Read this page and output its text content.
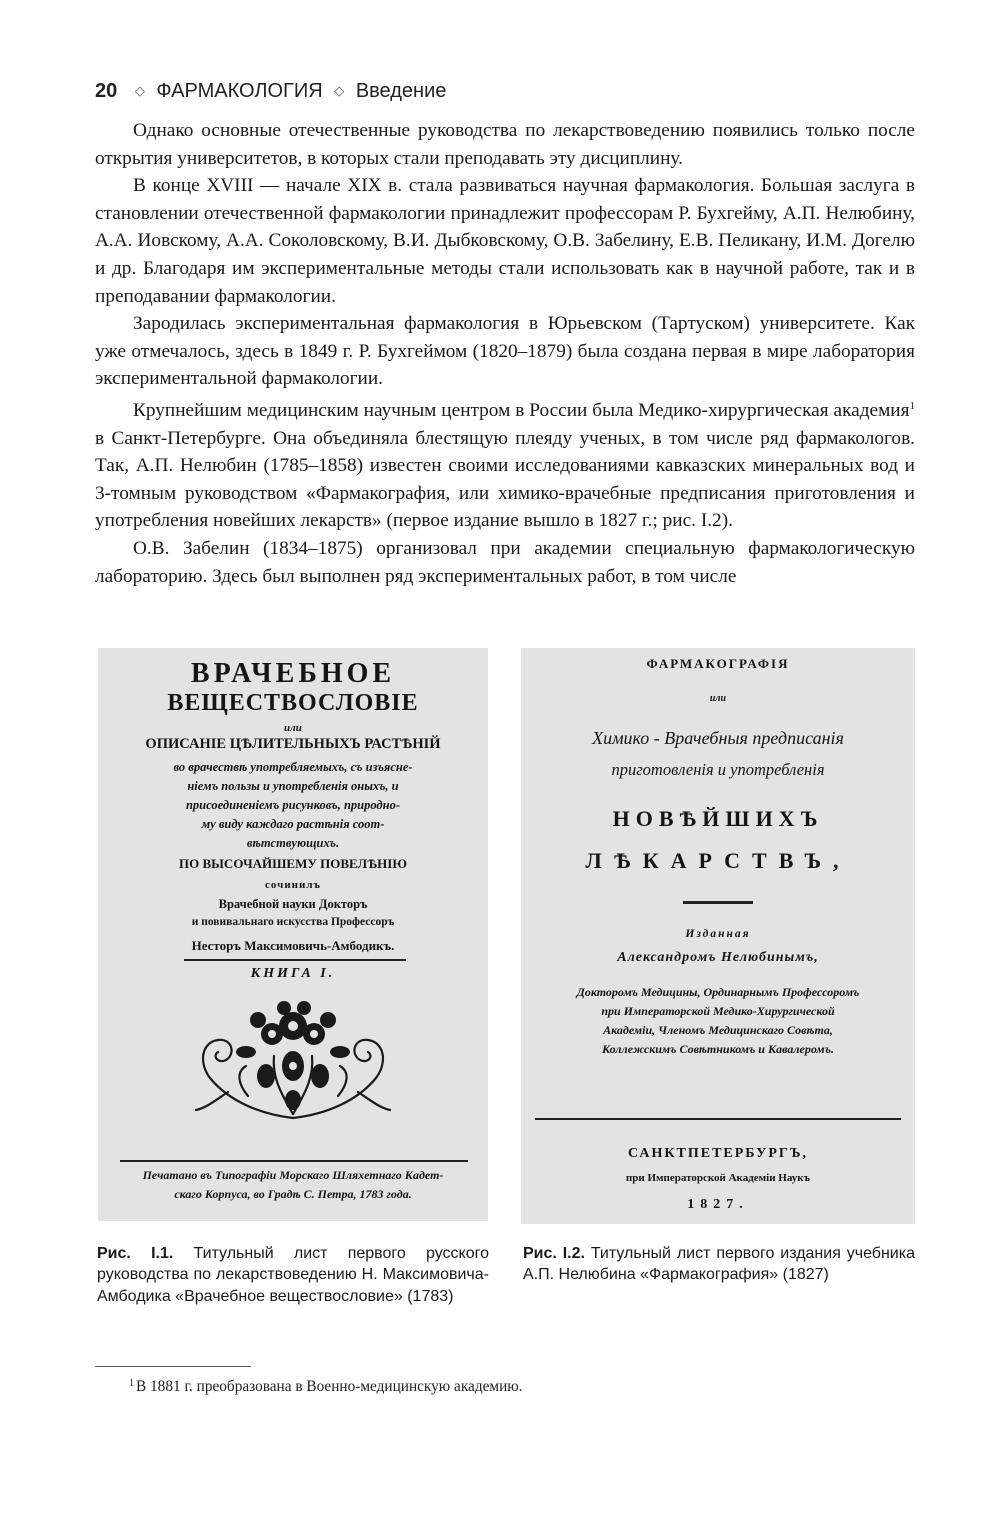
20 ◇ ФАРМАКОЛОГИЯ ◇ Введение

Однако основные отечественные руководства по лекарствоведению появились только после открытия университетов, в которых стали преподавать эту дисциплину.

В конце XVIII — начале XIX в. стала развиваться научная фармакология. Большая заслуга в становлении отечественной фармакологии принадлежит профессорам Р. Бухгейму, А.П. Нелюбину, А.А. Иовскому, А.А. Соколовскому, В.И. Дыбковскому, О.В. Забелину, Е.В. Пеликану, И.М. Догелю и др. Благодаря им экспериментальные методы стали использовать как в научной работе, так и в преподавании фармакологии.

Зародилась экспериментальная фармакология в Юрьевском (Тартуском) университете. Как уже отмечалось, здесь в 1849 г. Р. Бухгеймом (1820–1879) была создана первая в мире лаборатория экспериментальной фармакологии.

Крупнейшим медицинским научным центром в России была Медико-хирургическая академия$^1$ в Санкт-Петербурге. Она объединяла блестящую плеяду ученых, в том числе ряд фармакологов. Так, А.П. Нелюбин (1785–1858) известен своими исследованиями кавказских минеральных вод и 3-томным руководством «Фармакография, или химико-врачебные предписания приготовления и употребления новейших лекарств» (первое издание вышло в 1827 г.; рис. I.2).

О.В. Забелин (1834–1875) организовал при академии специальную фармакологическую лабораторию. Здесь был выполнен ряд экспериментальных работ, в том числе

ВРАЧЕБНОЕ
ВЕЩЕСТВОСЛОВІЕ
или
ОПИСАНІЕ ЦѢЛИТЕЛЬНЫХЪ РАСТѢНІЙ
во врачествѣ употребляемыхъ, съ изъясне-
ніемъ пользы и употребленія оныхъ, и
присоединеніемъ рисунковъ, природно-
му виду каждаго растѣнія соот-
вѣтствующихъ.
ПО ВЫСОЧАЙШЕМУ ПОВЕЛѢНІЮ
сочинилъ
Врачебной науки Докторъ
и повивальнаго искусства Профессоръ
Несторъ Максимовичь-Амбодикъ.
КНИГА I.
Печатано въ Типографіи Морскаго Шляхетнаго Кадет-
скаго Корпуса, во Градѣ С. Петра, 1783 года.
ФАРМАКОГРАФІЯ
или
Химико - Врачебныя предписанія
приготовленія и употребленія
НОВѢЙШИХЪ
ЛѢКАРСТВЪ,
Изданная
Александромъ Нелюбинымъ,
Докторомъ Медицины, Ординарнымъ Профессоромъ
при Императорской Медико-Хирургической
Академіи, Членомъ Медицинскаго Совѣта,
Коллежскимъ Совѣтникомъ и Кавалеромъ.
САНКТПЕТЕРБУРГЪ,
при Императорской Академіи Наукъ
1827.
Рис. I.1. Титульный лист первого русского руководства по лекарствоведению Н. Максимовича-Амбодика «Врачебное веществословие» (1783)
Рис. I.2. Титульный лист первого издания учебника А.П. Нелюбина «Фармакография» (1827)
$^1$ В 1881 г. преобразована в Военно-медицинскую академию.
